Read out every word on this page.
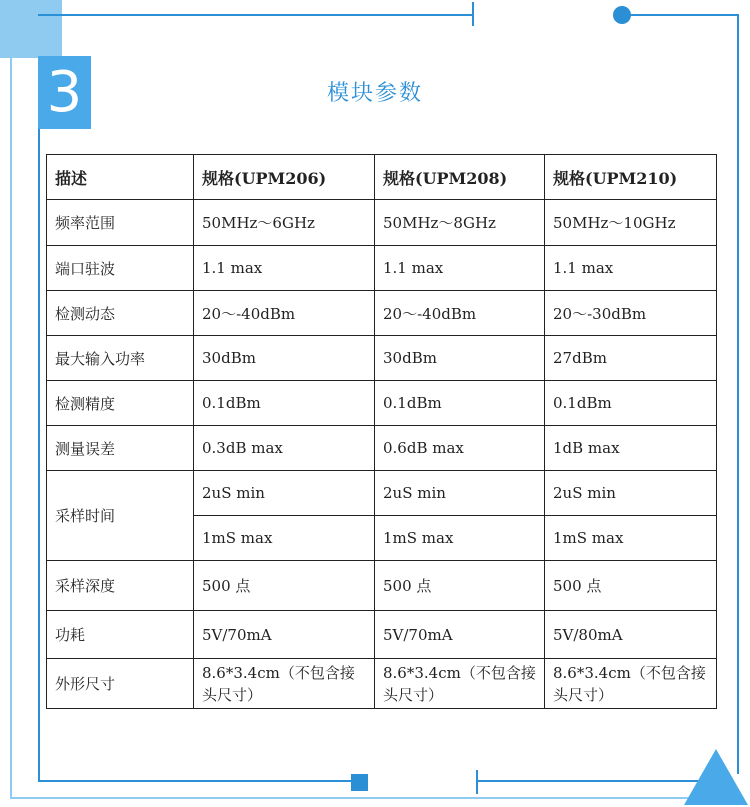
3	模块参数
描述	规格(UPM206)	规格(UPM208)	规格(UPM210)
频率范围	50MHz～6GHz	50MHz～8GHz	50MHz～10GHz
端口驻波	1.1 max	1.1 max	1.1 max
检测动态	20～-40dBm	20～-40dBm	20～-30dBm
最大输入功率	30dBm	30dBm	27dBm
检测精度	0.1dBm	0.1dBm	0.1dBm
测量误差	0.3dB max	0.6dB max	1dB max
采样时间	2uS min	2uS min	2uS min
	1mS max	1mS max	1mS max
采样深度	500 点	500 点	500 点
功耗	5V/70mA	5V/70mA	5V/80mA
外形尺寸	8.6*3.4cm（不包含接头尺寸）	8.6*3.4cm（不包含接头尺寸）	8.6*3.4cm（不包含接头尺寸）
